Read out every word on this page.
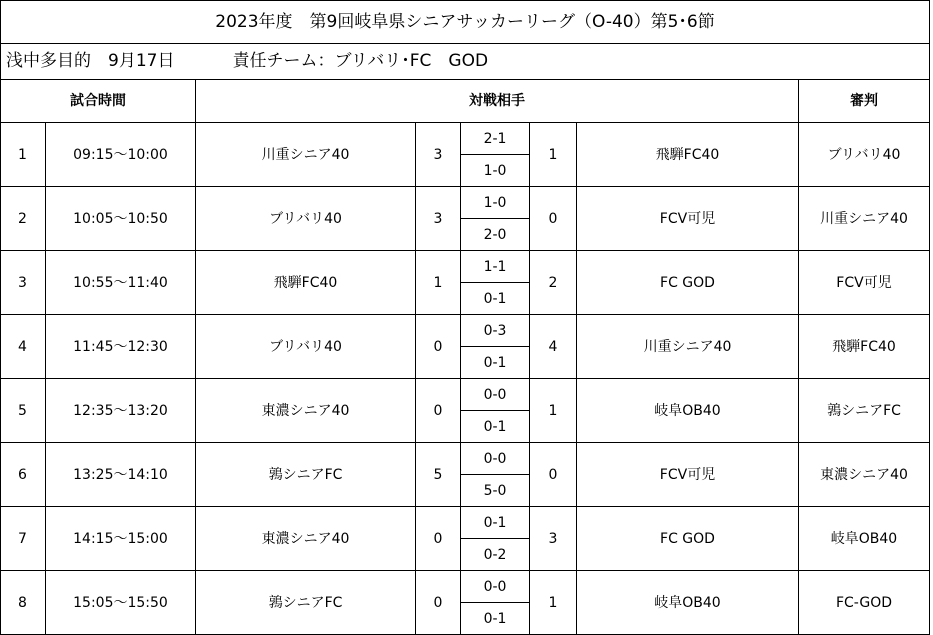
2023年度　第9回岐阜県シニアサッカーリーグ（O-40）第5･6節							
浅中多目的　9月17日 責任チーム：ブリバリ･FC　GOD							
試合時間		対戦相手					審判
1	09:15～10:00	川重シニア40	3	2-1	1	飛騨FC40	ブリバリ40
				1-0			
2	10:05～10:50	ブリバリ40	3	1-0	0	FCV可児	川重シニア40
				2-0			
3	10:55～11:40	飛騨FC40	1	1-1	2	FC GOD	FCV可児
				0-1			
4	11:45～12:30	ブリバリ40	0	0-3	4	川重シニア40	飛騨FC40
				0-1			
5	12:35～13:20	東濃シニア40	0	0-0	1	岐阜OB40	鶉シニアFC
				0-1			
6	13:25～14:10	鶉シニアFC	5	0-0	0	FCV可児	東濃シニア40
				5-0			
7	14:15～15:00	東濃シニア40	0	0-1	3	FC GOD	岐阜OB40
				0-2			
8	15:05～15:50	鶉シニアFC	0	0-0	1	岐阜OB40	FC-GOD
				0-1			
